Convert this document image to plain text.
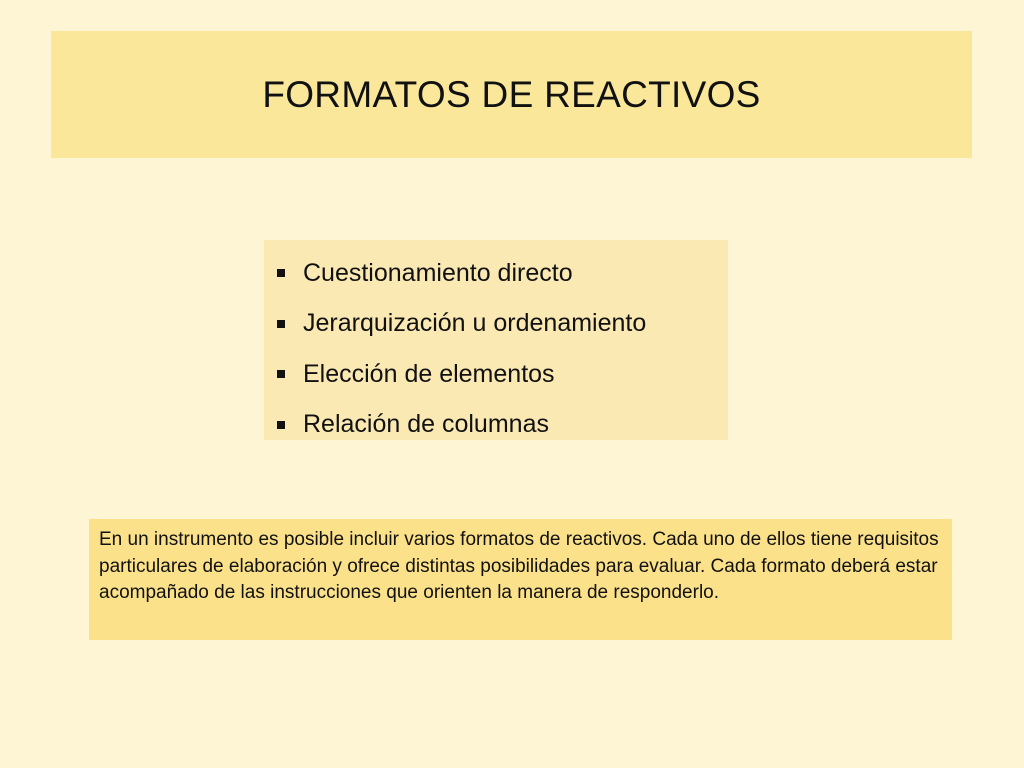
FORMATOS DE REACTIVOS
Cuestionamiento directo
Jerarquización u ordenamiento
Elección de elementos
Relación de columnas

En un instrumento es posible incluir varios formatos de reactivos. Cada uno de ellos tiene requisitos particulares de elaboración y ofrece distintas posibilidades para evaluar. Cada formato deberá estar acompañado de las instrucciones que orienten la manera de responderlo.
